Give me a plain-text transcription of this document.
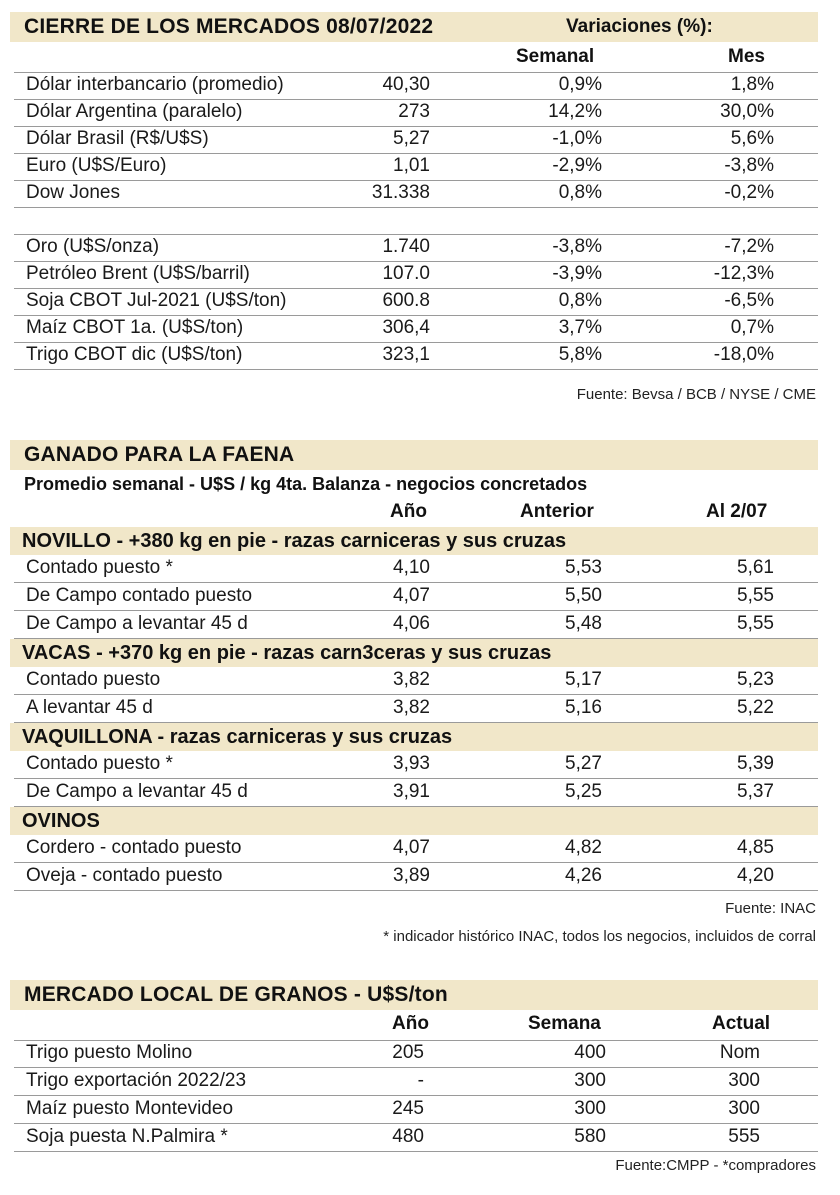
CIERRE DE LOS MERCADOS 08/07/2022	Variaciones (%):
Semanal	Mes
Dólar interbancario (promedio)	40,30	0,9%	1,8%
Dólar Argentina (paralelo)	273	14,2%	30,0%
Dólar Brasil (R$/U$S)	5,27	-1,0%	5,6%
Euro (U$S/Euro)	1,01	-2,9%	-3,8%
Dow Jones	31.338	0,8%	-0,2%
Oro (U$S/onza)	1.740	-3,8%	-7,2%
Petróleo Brent (U$S/barril)	107.0	-3,9%	-12,3%
Soja CBOT Jul-2021 (U$S/ton)	600.8	0,8%	-6,5%
Maíz CBOT 1a. (U$S/ton)	306,4	3,7%	0,7%
Trigo CBOT dic (U$S/ton)	323,1	5,8%	-18,0%
Fuente: Bevsa / BCB / NYSE / CME
GANADO PARA LA FAENA
Promedio semanal - U$S / kg 4ta. Balanza - negocios concretados
Año	Anterior	Al 2/07
NOVILLO - +380 kg en pie - razas carniceras y sus cruzas
Contado puesto *	4,10	5,53	5,61
De Campo contado puesto	4,07	5,50	5,55
De Campo a levantar 45 d	4,06	5,48	5,55
VACAS - +370 kg en pie - razas carn3ceras y sus cruzas
Contado puesto	3,82	5,17	5,23
A levantar 45 d	3,82	5,16	5,22
VAQUILLONA - razas carniceras y sus cruzas
Contado puesto *	3,93	5,27	5,39
De Campo a levantar 45 d	3,91	5,25	5,37
OVINOS
Cordero - contado puesto	4,07	4,82	4,85
Oveja - contado puesto	3,89	4,26	4,20
Fuente: INAC
* indicador histórico INAC, todos los negocios, incluidos de corral
MERCADO LOCAL DE GRANOS - U$S/ton
Año	Semana	Actual
Trigo puesto Molino	205	400	Nom
Trigo exportación 2022/23	-	300	300
Maíz puesto Montevideo	245	300	300
Soja puesta N.Palmira *	480	580	555
Fuente:CMPP - *compradores
